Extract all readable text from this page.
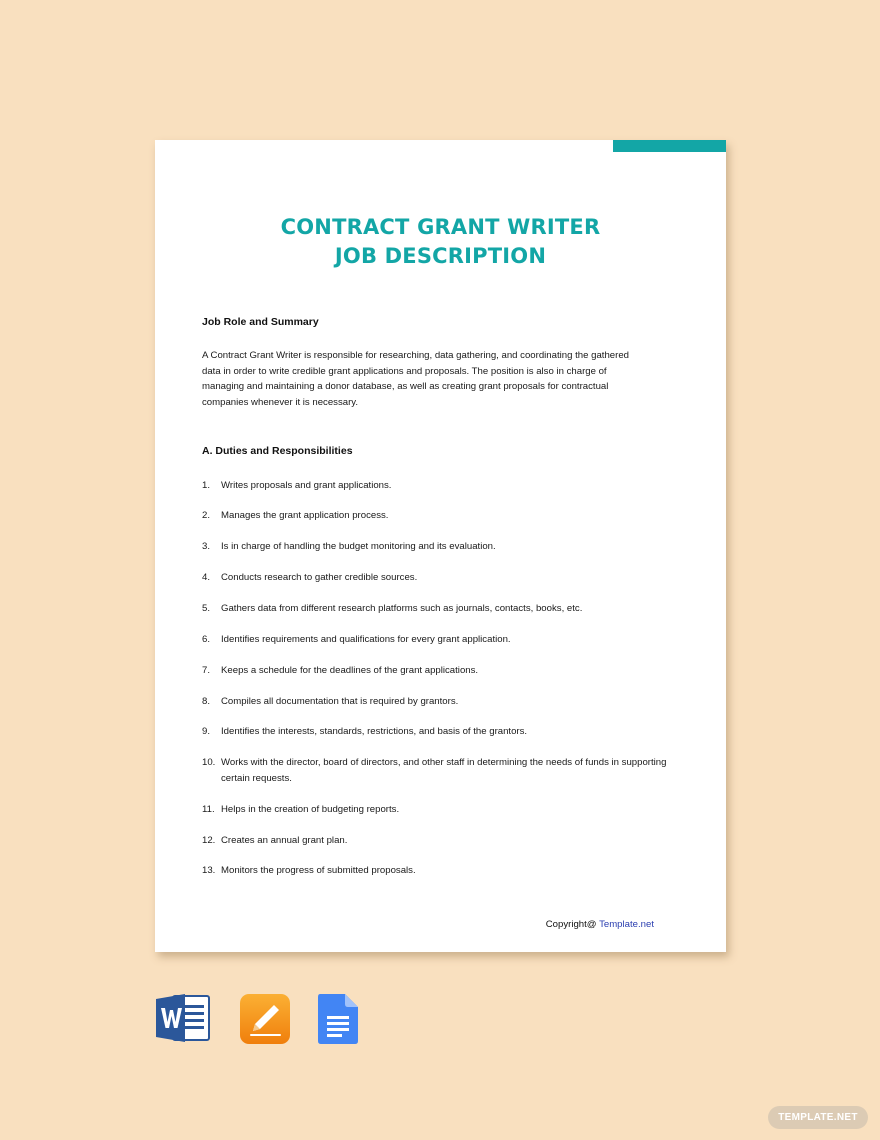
CONTRACT GRANT WRITER
JOB DESCRIPTION
Job Role and Summary

A Contract Grant Writer is responsible for researching, data gathering, and coordinating the gathered data in order to write credible grant applications and proposals. The position is also in charge of managing and maintaining a donor database, as well as creating grant proposals for contractual companies whenever it is necessary.

A. Duties and Responsibilities
1.	Writes proposals and grant applications.
2.	Manages the grant application process.
3.	Is in charge of handling the budget monitoring and its evaluation.
4.	Conducts research to gather credible sources.
5.	Gathers data from different research platforms such as journals, contacts, books, etc.
6.	Identifies requirements and qualifications for every grant application.
7.	Keeps a schedule for the deadlines of the grant applications.
8.	Compiles all documentation that is required by grantors.
9.	Identifies the interests, standards, restrictions, and basis of the grantors.
10. Works with the director, board of directors, and other staff in determining the needs of funds in supporting certain requests.
11. Helps in the creation of budgeting reports.
12. Creates an annual grant plan.
13. Monitors the progress of submitted proposals.
Copyright@ Template.net
TEMPLATE.NET
